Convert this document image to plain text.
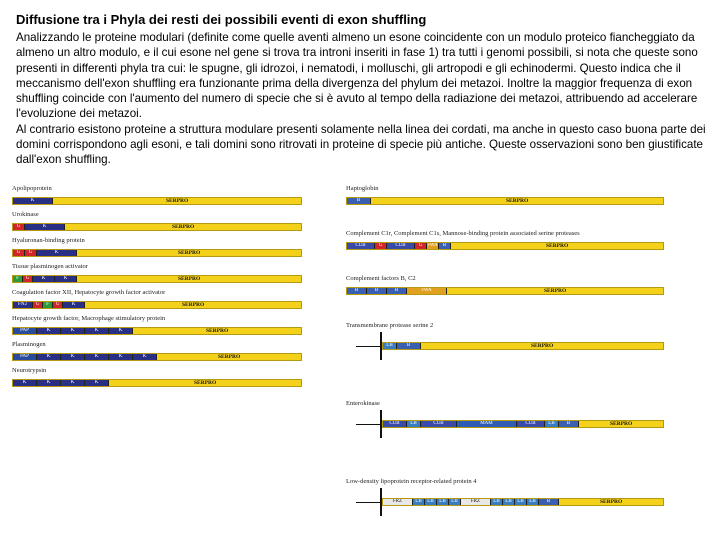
Diffusione tra i Phyla dei resti dei possibili eventi di exon shuffling

Analizzando le proteine modulari (definite come quelle aventi almeno un esone coincidente con un modulo proteico fiancheggiato da almeno un altro modulo, e il cui esone nel gene si trova tra introni inseriti in fase 1) tra tutti i genomi possibili, si nota che queste sono presenti in differenti phyla tra cui: le spugne, gli idrozoi, i nematodi, i molluschi, gli artropodi e gli echinodermi. Questo indica che il meccanismo dell'exon shuffling era funzionante prima della divergenza del phylum dei metazoi. Inoltre la maggior frequenza di exon shuffling coincide con l'aumento del numero di specie che si è avuto al tempo della radiazione dei metazoi, attribuendo ad accelerare l'evoluzione dei metazoi.

Al contrario esistono proteine a struttura modulare presenti solamente nella linea dei cordati, ma anche in questo caso buona parte dei domini corrispondono agli esoni, e tali domini sono ritrovati in proteine di specie più antiche. Queste osservazioni sono ben giustificate dall'exon shuffling.

Apolipoprotein
K	SERPRO
Urokinase
G	K	SERPRO
Hyaluronan-binding protein
G	G	K	SERPRO
Tissue plasminogen activator
F	G	K	K	SERPRO
Coagulation factor XII, Hepatocyte growth factor activator
FN2	G	F	G	K	SERPRO
Hepatocyte growth factor, Macrophage stimulatory protein
PAP	K	K	K	K	SERPRO
Plasminogen
PAP	K	K	K	K	K	SERPRO
Neurotrypsin
K	K	K	K	SERPRO
Haptoglobin
B	SERPRO
Complement C1r, Complement C1s, Mannose-binding protein associated serine proteases
CUB	G	CUB	G	vWA	B	SERPRO
Complement factors B, C2
B	B	B	vWA	SERPRO
Transmembrane protease serine 2
LB	B	SERPRO
Enterokinase
CUB	LB	CUB	MAM	CUB	LB	B	SERPRO
Low-density lipoprotein receptor-related protein 4
FRZ	LB	LB	LB	LB	FRZ	LB	LB	LB	LB	B	SERPRO
